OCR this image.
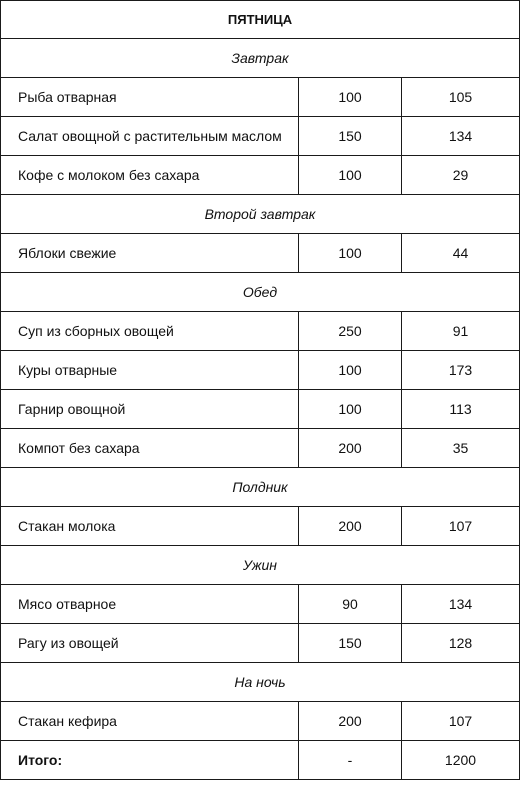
ПЯТНИЦА		
Завтрак		
Рыба отварная	100	105
Салат овощной с растительным маслом	150	134
Кофе с молоком без сахара	100	29
Второй завтрак		
Яблоки свежие	100	44
Обед		
Суп из сборных овощей	250	91
Куры отварные	100	173
Гарнир овощной	100	113
Компот без сахара	200	35
Полдник		
Стакан молока	200	107
Ужин		
Мясо отварное	90	134
Рагу из овощей	150	128
На ночь		
Стакан кефира	200	107
Итого:	-	1200
